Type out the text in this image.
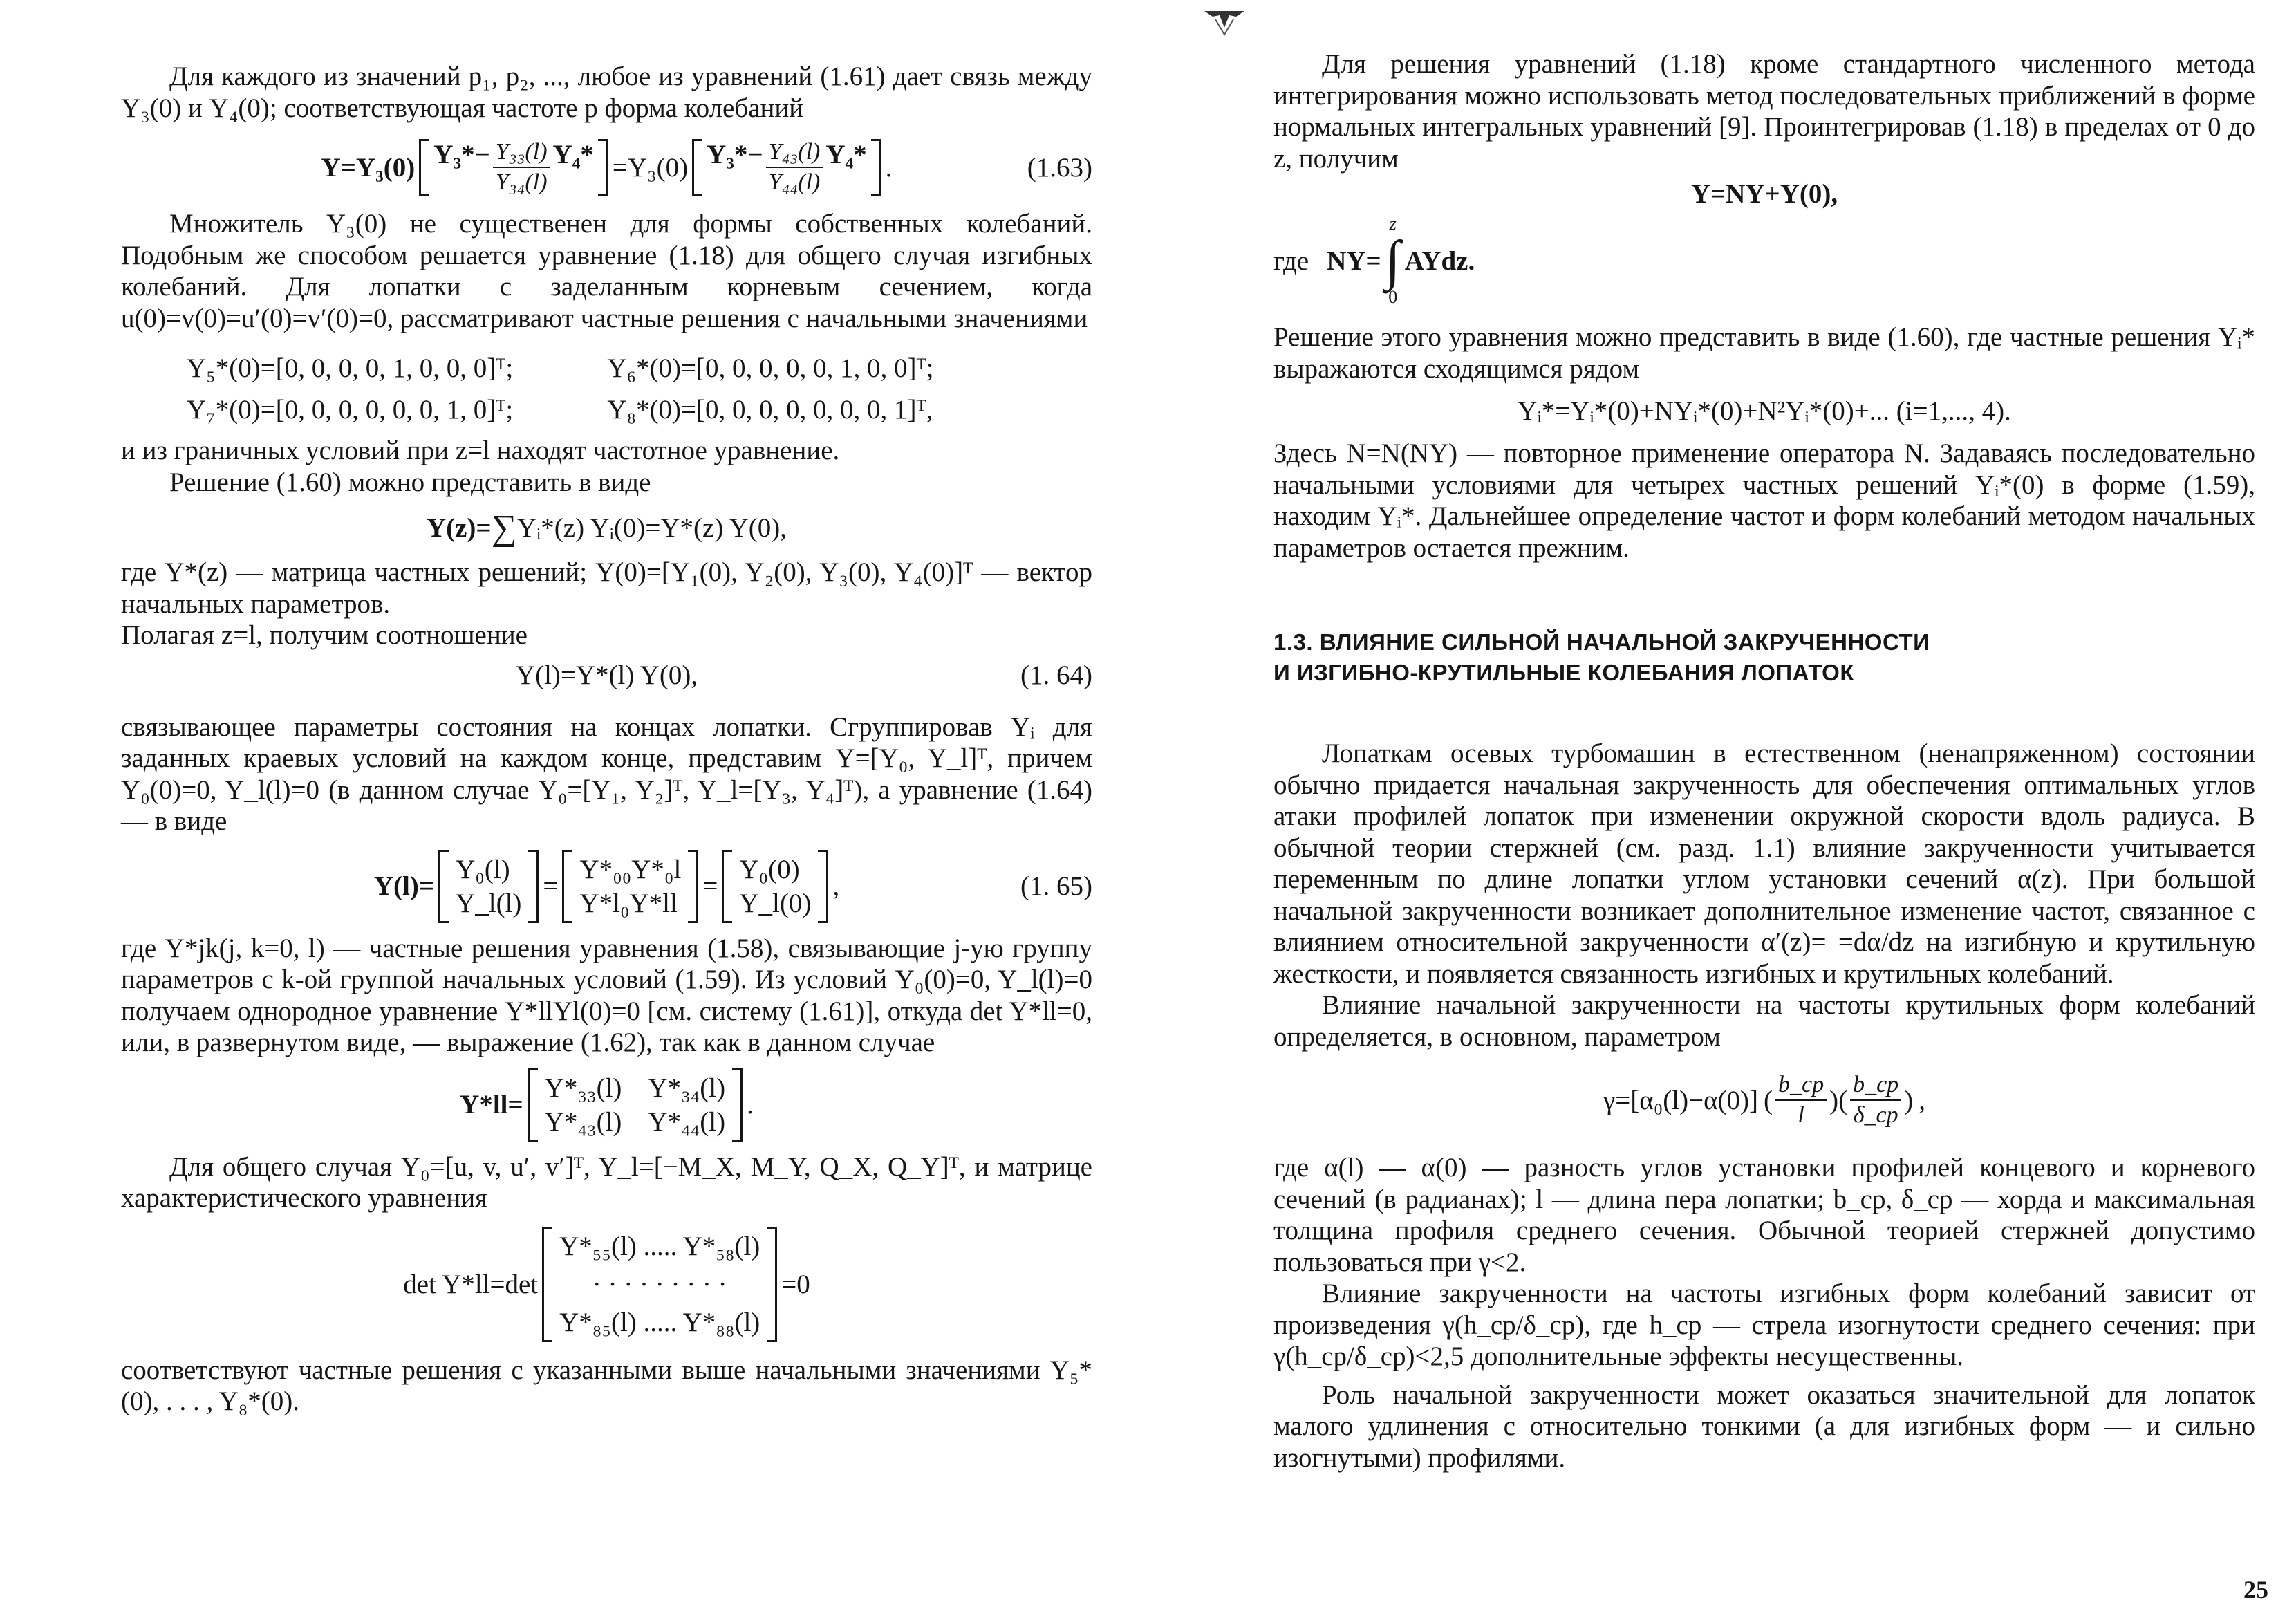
Для каждого из значений p₁, p₂, ..., любое из уравнений (1.61) дает связь между Y₃(0) и Y₄(0); соответствующая частоте p форма колебаний

Y=Y₃(0) $Y_3*- \frac{\text{Y₃₃(l)}}{\text{Y₃₄(l)}} Y_4* =Y_3(0)$ $Y_3*- \frac{\text{Y₄₃(l)}}{\text{Y₄₄(l)}} Y_4*$ .	(1.63)

Множитель Y₃(0) не существенен для формы собственных колебаний. Подобным же способом решается уравнение (1.18) для общего случая изгибных колебаний. Для лопатки с заделанным корневым сечением, когда u(0)=v(0)=u′(0)=v′(0)=0, рассматривают частные решения с начальными значениями

Y₅*(0)=[0, 0, 0, 0, 1, 0, 0, 0]ᵀ;	Y₆*(0)=[0, 0, 0, 0, 0, 1, 0, 0]ᵀ;
Y₇*(0)=[0, 0, 0, 0, 0, 0, 1, 0]ᵀ;	Y₈*(0)=[0, 0, 0, 0, 0, 0, 0, 1]ᵀ,

и из граничных условий при z=l находят частотное уравнение.

Решение (1.60) можно представить в виде

Y(z)= ∑ Yᵢ*(z) Yᵢ(0)=Y*(z) Y(0),

где Y*(z) — матрица частных решений; Y(0)=[Y₁(0), Y₂(0), Y₃(0), Y₄(0)]ᵀ — вектор начальных параметров.

Полагая z=l, получим соотношение

Y(l)=Y*(l) Y(0),	(1. 64)

связывающее параметры состояния на концах лопатки. Сгруппировав Yᵢ для заданных краевых условий на каждом конце, представим Y=[Y₀, Y_l]ᵀ, причем Y₀(0)=0, Y_l(l)=0 (в данном случае Y₀=[Y₁, Y₂]ᵀ, Y_l=[Y₃, Y₄]ᵀ), а уравнение (1.64) — в виде

Y(l)=
Y₀(l)
Y_l(l)
=
Y*₀₀Y*₀l
Y*l₀Y*ll
=
Y₀(0)
Y_l(0)
,	(1. 65)

где Y*jk(j, k=0, l) — частные решения уравнения (1.58), связывающие j-ую группу параметров с k-ой группой начальных условий (1.59). Из условий Y₀(0)=0, Y_l(l)=0 получаем однородное уравнение Y*llYl(0)=0 [см. систему (1.61)], откуда det Y*ll=0, или, в развернутом виде, — выражение (1.62), так как в данном случае

Y*ll=
Y*₃₃(l) Y*₃₄(l)
Y*₄₃(l) Y*₄₄(l)
.

Для общего случая Y₀=[u, v, u′, v′]ᵀ, Y_l=[−M_X, M_Y, Q_X, Q_Y]ᵀ, и матрице характеристического уравнения

det Y*ll=det
Y*₅₅(l) ..... Y*₅₈(l)
· · · · · · · · ·
Y*₈₅(l) ..... Y*₈₈(l)
=0

соответствуют частные решения с указанными выше начальными значениями Y₅*(0), . . . , Y₈*(0).

Для решения уравнений (1.18) кроме стандартного численного метода интегрирования можно использовать метод последовательных приближений в форме нормальных интегральных уравнений [9]. Проинтегрировав (1.18) в пределах от 0 до z, получим

Y=NY+Y(0),
где NY=
z
∫
0
AYdz.

Решение этого уравнения можно представить в виде (1.60), где частные решения Yᵢ* выражаются сходящимся рядом

Yᵢ*=Yᵢ*(0)+NYᵢ*(0)+N²Yᵢ*(0)+... (i=1,..., 4).

Здесь N=N(NY) — повторное применение оператора N. Задаваясь последовательно начальными условиями для четырех частных решений Yᵢ*(0) в форме (1.59), находим Yᵢ*. Дальнейшее определение частот и форм колебаний методом начальных параметров остается прежним.

1.3. ВЛИЯНИЕ СИЛЬНОЙ НАЧАЛЬНОЙ ЗАКРУЧЕННОСТИ
И ИЗГИБНО-КРУТИЛЬНЫЕ КОЛЕБАНИЯ ЛОПАТОК

Лопаткам осевых турбомашин в естественном (ненапряженном) состоянии обычно придается начальная закрученность для обеспечения оптимальных углов атаки профилей лопаток при изменении окружной скорости вдоль радиуса. В обычной теории стержней (см. разд. 1.1) влияние закрученности учитывается переменным по длине лопатки углом установки сечений α(z). При большой начальной закрученности возникает дополнительное изменение частот, связанное с влиянием относительной закрученности α′(z)= =dα/dz на изгибную и крутильную жесткости, и появляется связанность изгибных и крутильных колебаний.

Влияние начальной закрученности на частоты крутильных форм колебаний определяется, в основном, параметром

γ=[α₀(l)−α(0)] ( $\frac{b\_cp}{l}$ ) ( $\frac{b\_cp}{\delta\_cp}$ ) ,

где α(l) — α(0) — разность углов установки профилей концевого и корневого сечений (в радианах); l — длина пера лопатки; b_cp, δ_cp — хорда и максимальная толщина профиля среднего сечения. Обычной теорией стержней допустимо пользоваться при γ<2.

Влияние закрученности на частоты изгибных форм колебаний зависит от произведения γ(h_cp/δ_cp), где h_cp — стрела изогнутости среднего сечения: при γ(h_cp/δ_cp)<2,5 дополнительные эффекты несущественны.

Роль начальной закрученности может оказаться значительной для лопаток малого удлинения с относительно тонкими (а для изгибных форм — и сильно изогнутыми) профилями.

25
